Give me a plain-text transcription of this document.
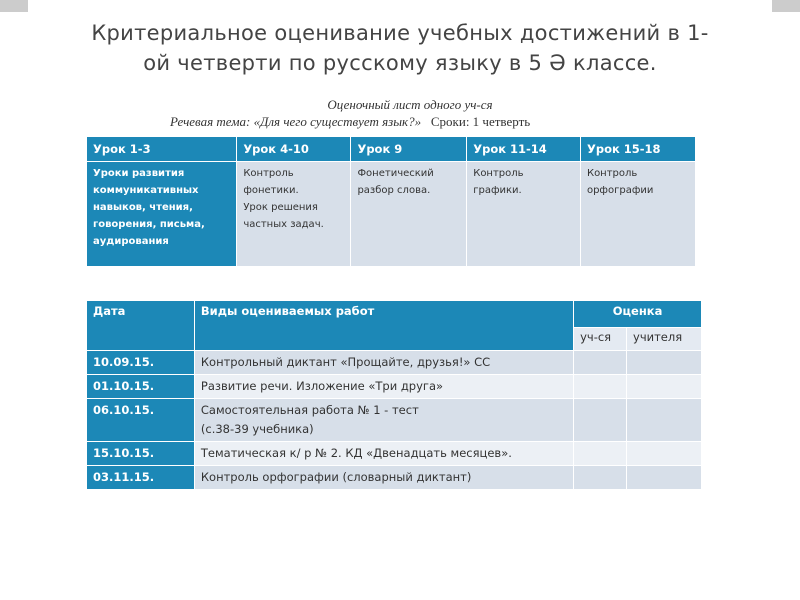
Критериальное оценивание учебных достижений в 1-
ой четверти по русскому языку в 5 Ә классе.
Оценочный лист одного уч-ся
Речевая тема: «Для чего существует язык?» Сроки: 1 четверть
Урок 1-3	Урок 4-10	Урок 9	Урок 11-14	Урок 15-18

Уроки развития
коммуникативных
навыков, чтения,
говорения, письма,
аудирования	Контроль
фонетики.
Урок решения
частных задач.	Фонетический
разбор слова.	Контроль
графики.	Контроль
орфографии
Дата	Виды оцениваемых работ	Оценка	
		уч-ся	учителя
10.09.15.	Контрольный диктант «Прощайте, друзья!» СС		

01.10.15.	Развитие речи. Изложение «Три друга»		

06.10.15.	Самостоятельная работа № 1 - тест
(с.38-39 учебника)		

15.10.15.	Тематическая к/ р № 2. КД «Двенадцать месяцев».		

03.11.15.	Контроль орфографии (словарный диктант)		
